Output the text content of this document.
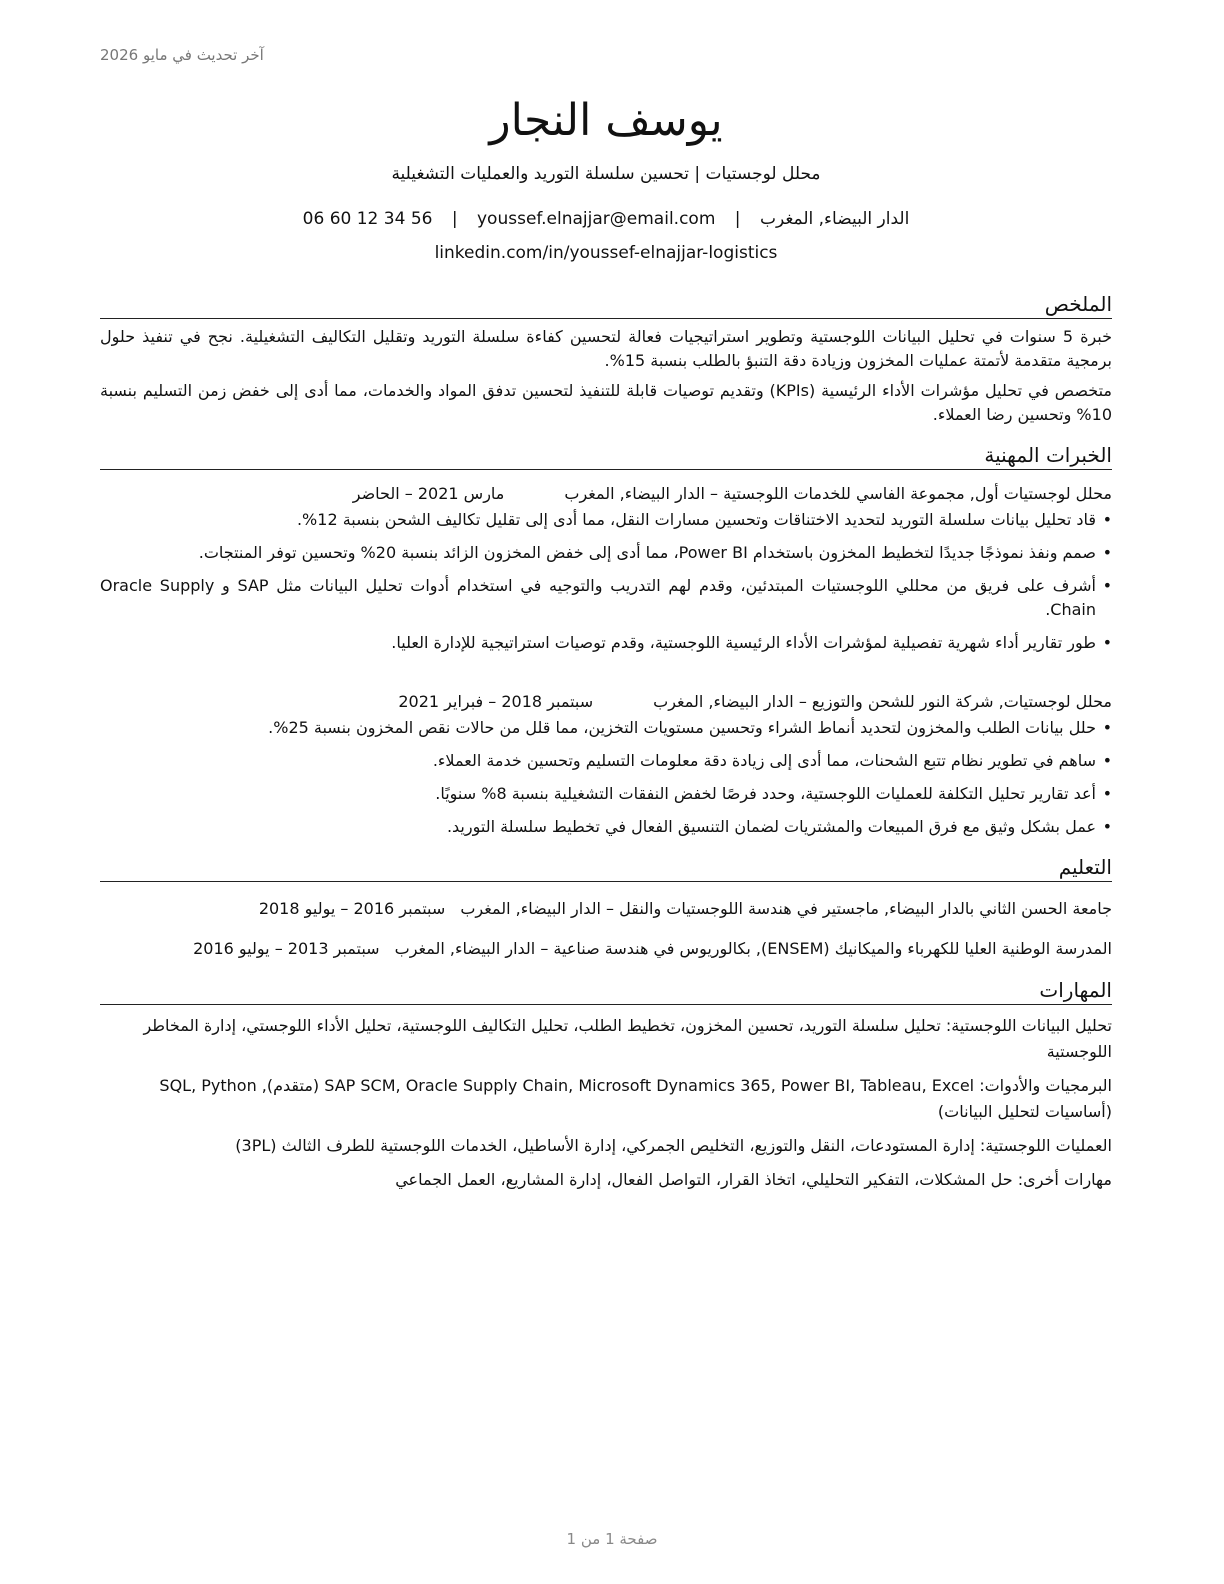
آخر تحديث في مايو 2026
يوسف النجار
محلل لوجستيات | تحسين سلسلة التوريد والعمليات التشغيلية
الدار البيضاء, المغرب | youssef.elnajjar@email.com | 06 60 12 34 56
linkedin.com/in/youssef-elnajjar-logistics
الملخص

خبرة 5 سنوات في تحليل البيانات اللوجستية وتطوير استراتيجيات فعالة لتحسين كفاءة سلسلة التوريد وتقليل التكاليف التشغيلية. نجح في تنفيذ حلول برمجية متقدمة لأتمتة عمليات المخزون وزيادة دقة التنبؤ بالطلب بنسبة 15%.

متخصص في تحليل مؤشرات الأداء الرئيسية (KPIs) وتقديم توصيات قابلة للتنفيذ لتحسين تدفق المواد والخدمات، مما أدى إلى خفض زمن التسليم بنسبة 10% وتحسين رضا العملاء.

الخبرات المهنية
محلل لوجستيات أول, مجموعة الفاسي للخدمات اللوجستية – الدار البيضاء, المغرب
مارس 2021 – الحاضر
• قاد تحليل بيانات سلسلة التوريد لتحديد الاختناقات وتحسين مسارات النقل، مما أدى إلى تقليل تكاليف الشحن بنسبة 12%.
• صمم ونفذ نموذجًا جديدًا لتخطيط المخزون باستخدام Power BI، مما أدى إلى خفض المخزون الزائد بنسبة 20% وتحسين توفر المنتجات.
• أشرف على فريق من محللي اللوجستيات المبتدئين، وقدم لهم التدريب والتوجيه في استخدام أدوات تحليل البيانات مثل SAP و Oracle Supply Chain.
• طور تقارير أداء شهرية تفصيلية لمؤشرات الأداء الرئيسية اللوجستية، وقدم توصيات استراتيجية للإدارة العليا.
محلل لوجستيات, شركة النور للشحن والتوزيع – الدار البيضاء, المغرب
سبتمبر 2018 – فبراير 2021
• حلل بيانات الطلب والمخزون لتحديد أنماط الشراء وتحسين مستويات التخزين، مما قلل من حالات نقص المخزون بنسبة 25%.
• ساهم في تطوير نظام تتبع الشحنات، مما أدى إلى زيادة دقة معلومات التسليم وتحسين خدمة العملاء.
• أعد تقارير تحليل التكلفة للعمليات اللوجستية، وحدد فرصًا لخفض النفقات التشغيلية بنسبة 8% سنويًا.
• عمل بشكل وثيق مع فرق المبيعات والمشتريات لضمان التنسيق الفعال في تخطيط سلسلة التوريد.
التعليم
جامعة الحسن الثاني بالدار البيضاء, ماجستير في هندسة اللوجستيات والنقل – الدار البيضاء, المغرب سبتمبر 2016 – يوليو 2018
المدرسة الوطنية العليا للكهرباء والميكانيك (ENSEM), بكالوريوس في هندسة صناعية – الدار البيضاء, المغرب سبتمبر 2013 – يوليو 2016
المهارات
تحليل البيانات اللوجستية: تحليل سلسلة التوريد، تحسين المخزون، تخطيط الطلب، تحليل التكاليف اللوجستية، تحليل الأداء اللوجستي، إدارة المخاطر اللوجستية
البرمجيات والأدوات: SAP SCM, Oracle Supply Chain, Microsoft Dynamics 365, Power BI, Tableau, Excel (متقدم), SQL, Python (أساسيات لتحليل البيانات)
العمليات اللوجستية: إدارة المستودعات، النقل والتوزيع، التخليص الجمركي، إدارة الأساطيل، الخدمات اللوجستية للطرف الثالث (3PL)
مهارات أخرى: حل المشكلات، التفكير التحليلي، اتخاذ القرار، التواصل الفعال، إدارة المشاريع، العمل الجماعي
صفحة 1 من 1
